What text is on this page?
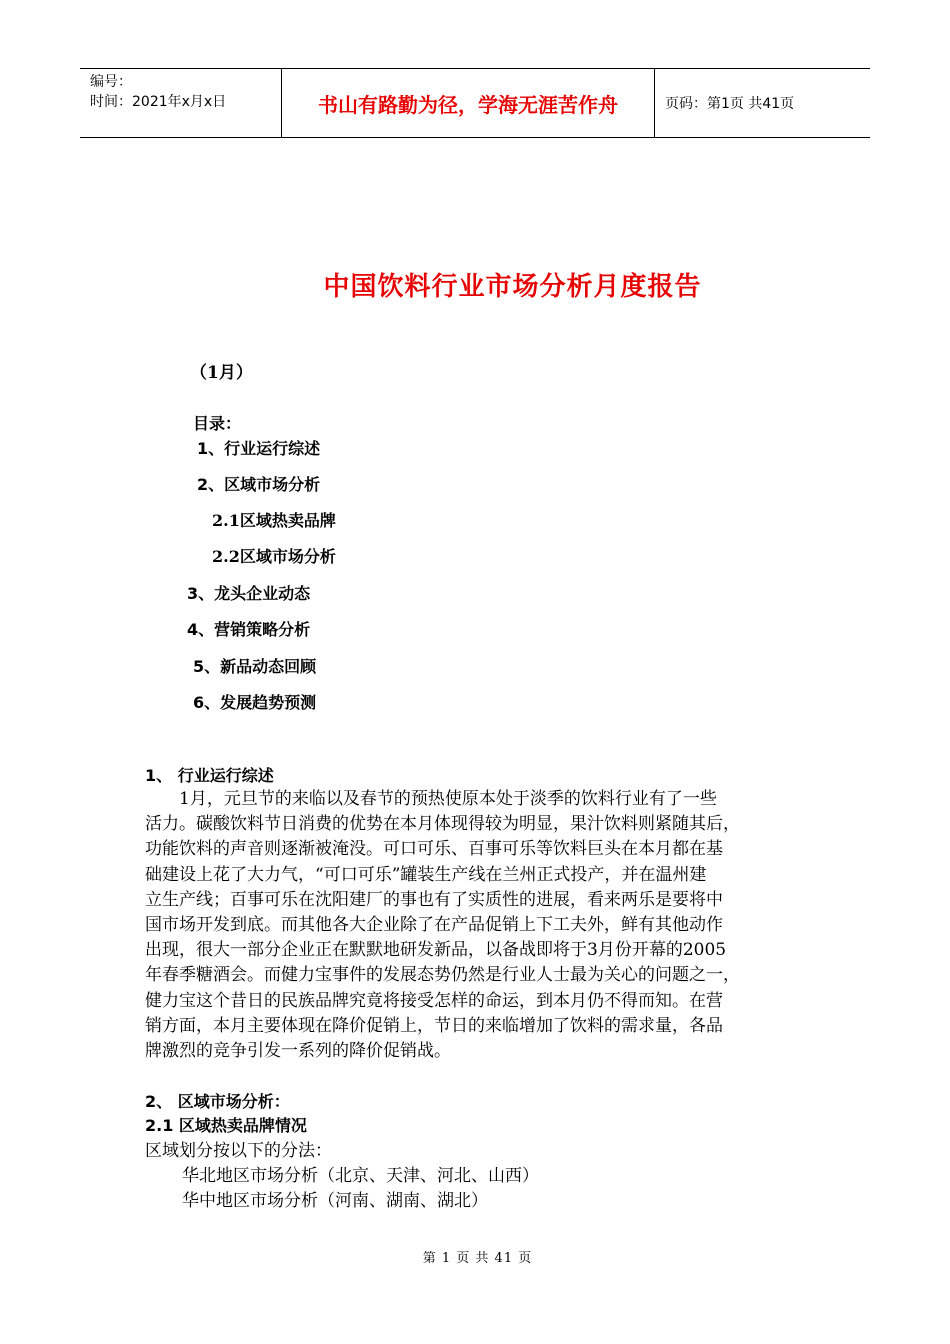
编号：
时间：2021年x月x日	书山有路勤为径，学海无涯苦作舟	页码：第1页 共41页
中国饮料行业市场分析月度报告
（1月）
目录：
1、行业运行综述
2、区域市场分析
2.1区域热卖品牌
2.2区域市场分析
3、龙头企业动态
4、营销策略分析
5、新品动态回顾
6、发展趋势预测
1、 行业运行综述
　　1月，元旦节的来临以及春节的预热使原本处于淡季的饮料行业有了一些
活力。碳酸饮料节日消费的优势在本月体现得较为明显，果汁饮料则紧随其后，
功能饮料的声音则逐渐被淹没。可口可乐、百事可乐等饮料巨头在本月都在基
础建设上花了大力气，“可口可乐”罐装生产线在兰州正式投产，并在温州建
立生产线；百事可乐在沈阳建厂的事也有了实质性的进展，看来两乐是要将中
国市场开发到底。而其他各大企业除了在产品促销上下工夫外，鲜有其他动作
出现，很大一部分企业正在默默地研发新品，以备战即将于3月份开幕的2005
年春季糖酒会。而健力宝事件的发展态势仍然是行业人士最为关心的问题之一，
健力宝这个昔日的民族品牌究竟将接受怎样的命运，到本月仍不得而知。在营
销方面，本月主要体现在降价促销上，节日的来临增加了饮料的需求量，各品
牌激烈的竞争引发一系列的降价促销战。
2、 区域市场分析：
2.1 区域热卖品牌情况
区域划分按以下的分法：
华北地区市场分析（北京、天津、河北、山西）
华中地区市场分析（河南、湖南、湖北）
第 1 页 共 41 页
